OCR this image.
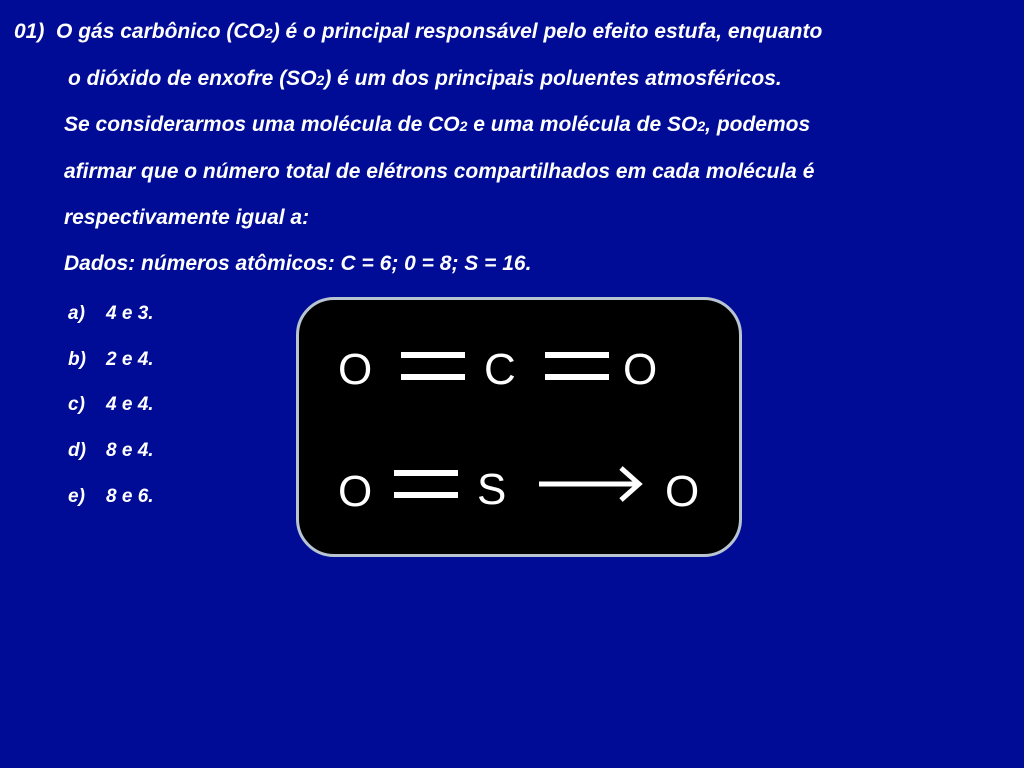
01) O gás carbônico (CO2) é o principal responsável pelo efeito estufa, enquanto
o dióxido de enxofre (SO2) é um dos principais poluentes atmosféricos.
Se considerarmos uma molécula de CO2 e uma molécula de SO2, podemos
afirmar que o número total de elétrons compartilhados em cada molécula é
respectivamente igual a:
Dados: números atômicos: C = 6; 0 = 8; S = 16.
a) 4 e 3.
b) 2 e 4.
c) 4 e 4.
d) 8 e 4.
e) 8 e 6.
O	C O
O S	O
